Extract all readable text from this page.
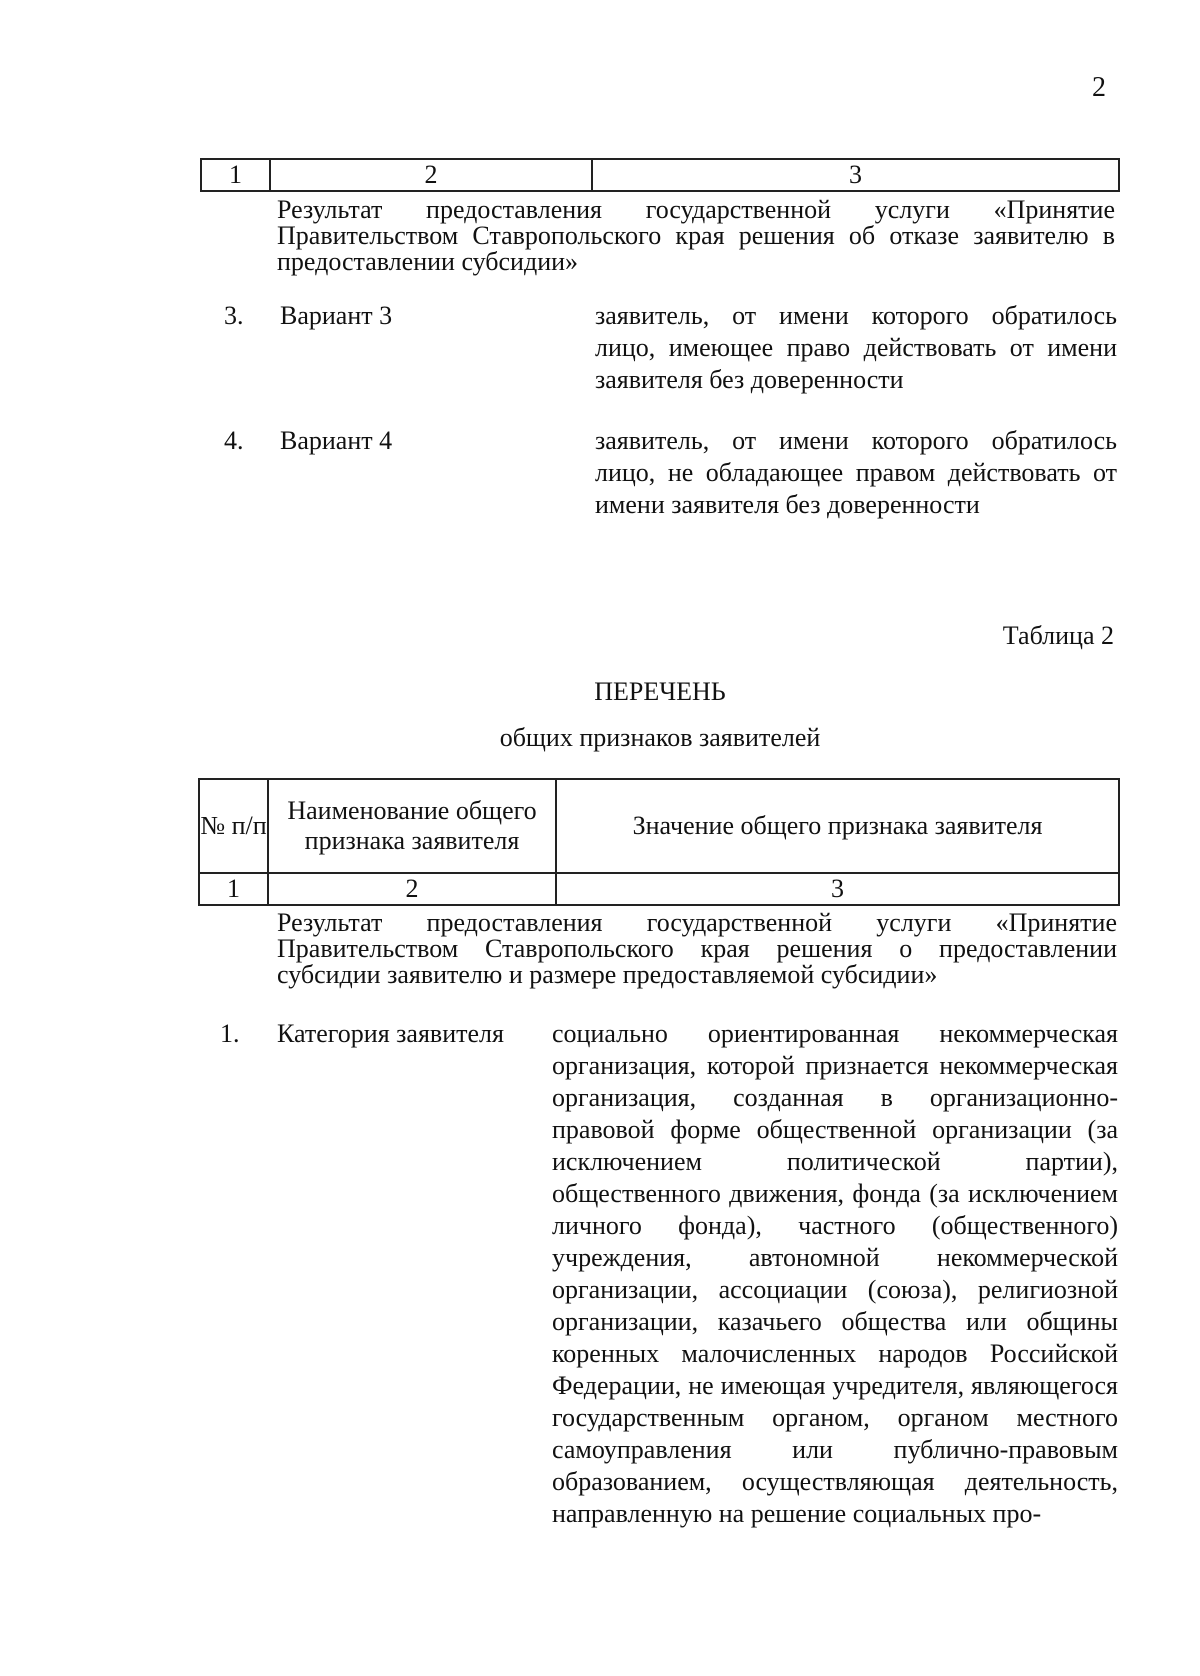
2
1	2	3
Результат предоставления государственной услуги «Принятие Правительством Ставропольского края решения об отказе заявителю в предоставлении субсидии»
3. Вариант 3	заявитель, от имени которого обратилось лицо, имеющее право действовать от имени заявителя без доверенности
4. Вариант 4	заявитель, от имени которого обратилось лицо, не обладающее правом действовать от имени заявителя без доверенности
Таблица 2
ПЕРЕЧЕНЬ
общих признаков заявителей
№ п/п	Наименование общего признака заявителя	Значение общего признака заявителя
1	2	3
Результат предоставления государственной услуги «Принятие Правительством Ставропольского края решения о предоставлении субсидии заявителю и размере предоставляемой субсидии»
1. Категория заявителя	социально ориентированная некоммерческая организация, которой признается некоммерческая организация, созданная в организационно-правовой форме общественной организации (за исключением политической партии), общественного движения, фонда (за исключением личного фонда), частного (общественного) учреждения, автономной некоммерческой организации, ассоциации (союза), религиозной организации, казачьего общества или общины коренных малочисленных народов Российской Федерации, не имеющая учредителя, являющегося государственным органом, органом местного самоуправления или публично-правовым образованием, осуществляющая деятельность, направленную на решение социальных про-
